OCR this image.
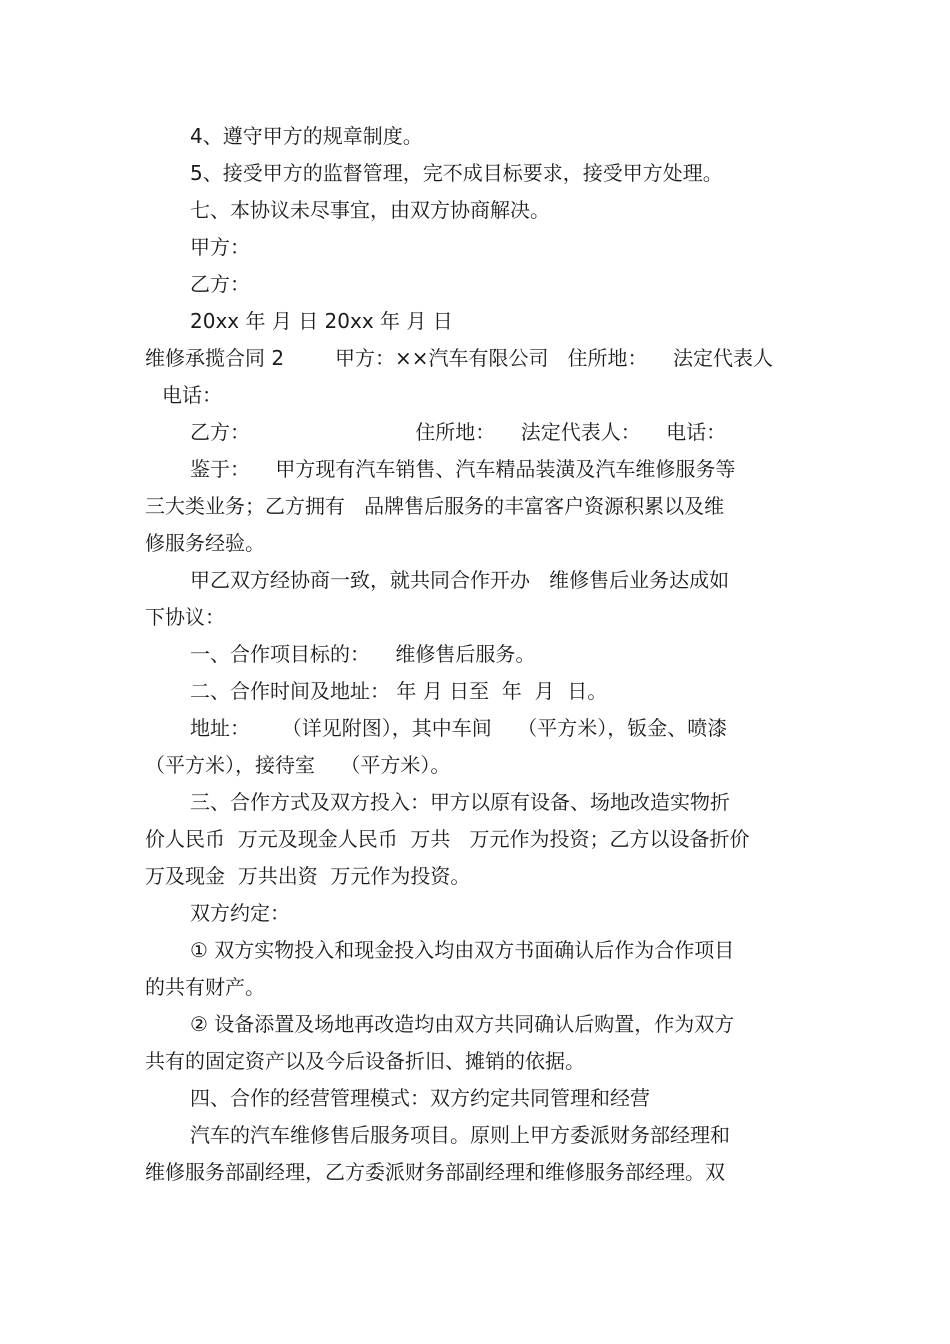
4、遵守甲方的规章制度。
5、接受甲方的监督管理，完不成目标要求，接受甲方处理。
七、本协议未尽事宜，由双方协商解决。
甲方：
乙方：
20xx 年 月 日 20xx 年 月 日
维修承揽合同 2        甲方：××汽车有限公司   住所地：    法定代表人
电话：
乙方：                          住所地：    法定代表人：    电话：
鉴于：    甲方现有汽车销售、汽车精品装潢及汽车维修服务等
三大类业务；乙方拥有   品牌售后服务的丰富客户资源积累以及维
修服务经验。
甲乙双方经协商一致，就共同合作开办   维修售后业务达成如
下协议：
一、合作项目标的：    维修售后服务。
二、合作时间及地址： 年 月 日至  年  月  日。
地址：     （详见附图），其中车间    （平方米），钣金、喷漆
（平方米），接待室    （平方米）。
三、合作方式及双方投入：甲方以原有设备、场地改造实物折
价人民币  万元及现金人民币  万共   万元作为投资；乙方以设备折价
万及现金  万共出资  万元作为投资。
双方约定：
① 双方实物投入和现金投入均由双方书面确认后作为合作项目
的共有财产。
② 设备添置及场地再改造均由双方共同确认后购置，作为双方
共有的固定资产以及今后设备折旧、摊销的依据。
四、合作的经营管理模式：双方约定共同管理和经营
汽车的汽车维修售后服务项目。原则上甲方委派财务部经理和
维修服务部副经理，乙方委派财务部副经理和维修服务部经理。双
